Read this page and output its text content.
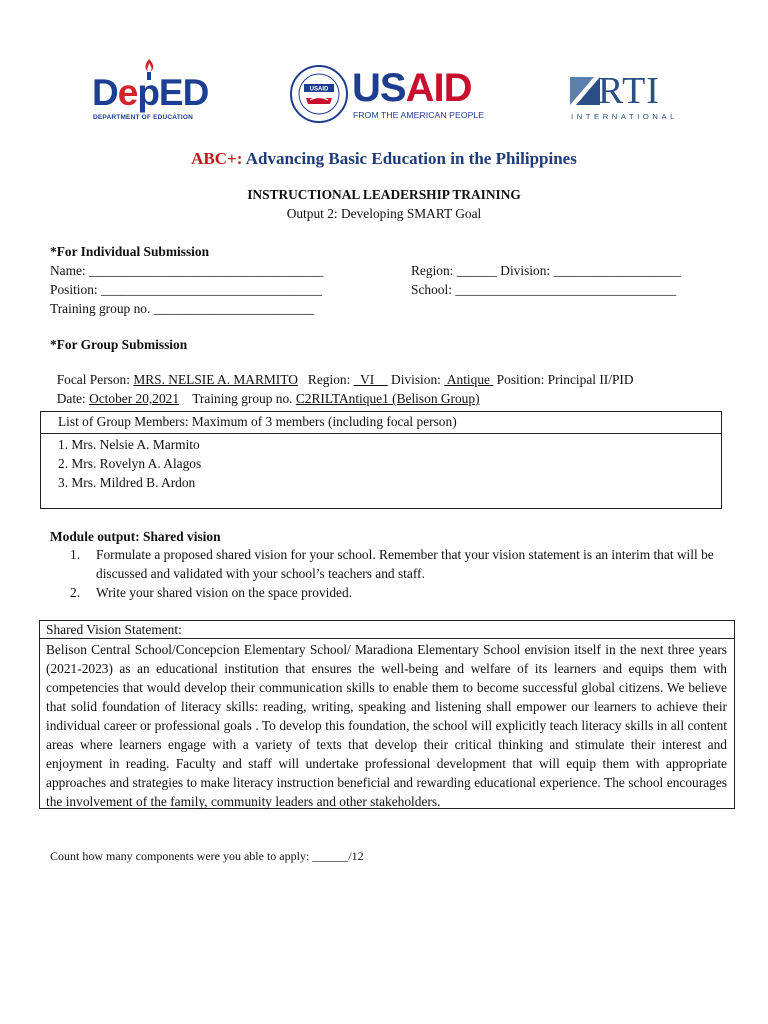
DepED
DEPARTMENT OF EDUCATION
USAID USAID
FROM THE AMERICAN PEOPLE
RTI
INTERNATIONAL
ABC+: Advancing Basic Education in the Philippines
INSTRUCTIONAL LEADERSHIP TRAINING
Output 2: Developing SMART Goal
*For Individual Submission
Name: ___________________________________
Position: _________________________________
Training group no. ________________________
Region: ______ Division: ___________________
School: _________________________________
*For Group Submission

Focal Person: MRS. NELSIE A. MARMITO   Region:   VI     Division:  Antique  Position: Principal II/PID

Date: October 20,2021    Training group no. C2RILTAntique1 (Belison Group)

List of Group Members: Maximum of 3 members (including focal person)
1. Mrs. Nelsie A. Marmito
2. Mrs. Rovelyn A. Alagos
3. Mrs. Mildred B. Ardon
Module output: Shared vision
1. Formulate a proposed shared vision for your school. Remember that your vision statement is an interim that will be discussed and validated with your school’s teachers and staff.
2. Write your shared vision on the space provided.
Shared Vision Statement:
Belison Central School/Concepcion Elementary School/ Maradiona Elementary School envision itself in the next three years (2021-2023) as an educational institution that ensures the well-being and welfare of its learners and equips them with competencies that would develop their communication skills to enable them to become successful global citizens. We believe that solid foundation of literacy skills: reading, writing, speaking and listening shall empower our learners to achieve their individual career or professional goals . To develop this foundation, the school will explicitly teach literacy skills in all content areas where learners engage with a variety of texts that develop their critical thinking and stimulate their interest and enjoyment in reading. Faculty and staff will undertake professional development that will equip them with appropriate approaches and strategies to make literacy instruction beneficial and rewarding educational experience. The school encourages the involvement of the family, community leaders and other stakeholders.
Count how many components were you able to apply: ______/12
